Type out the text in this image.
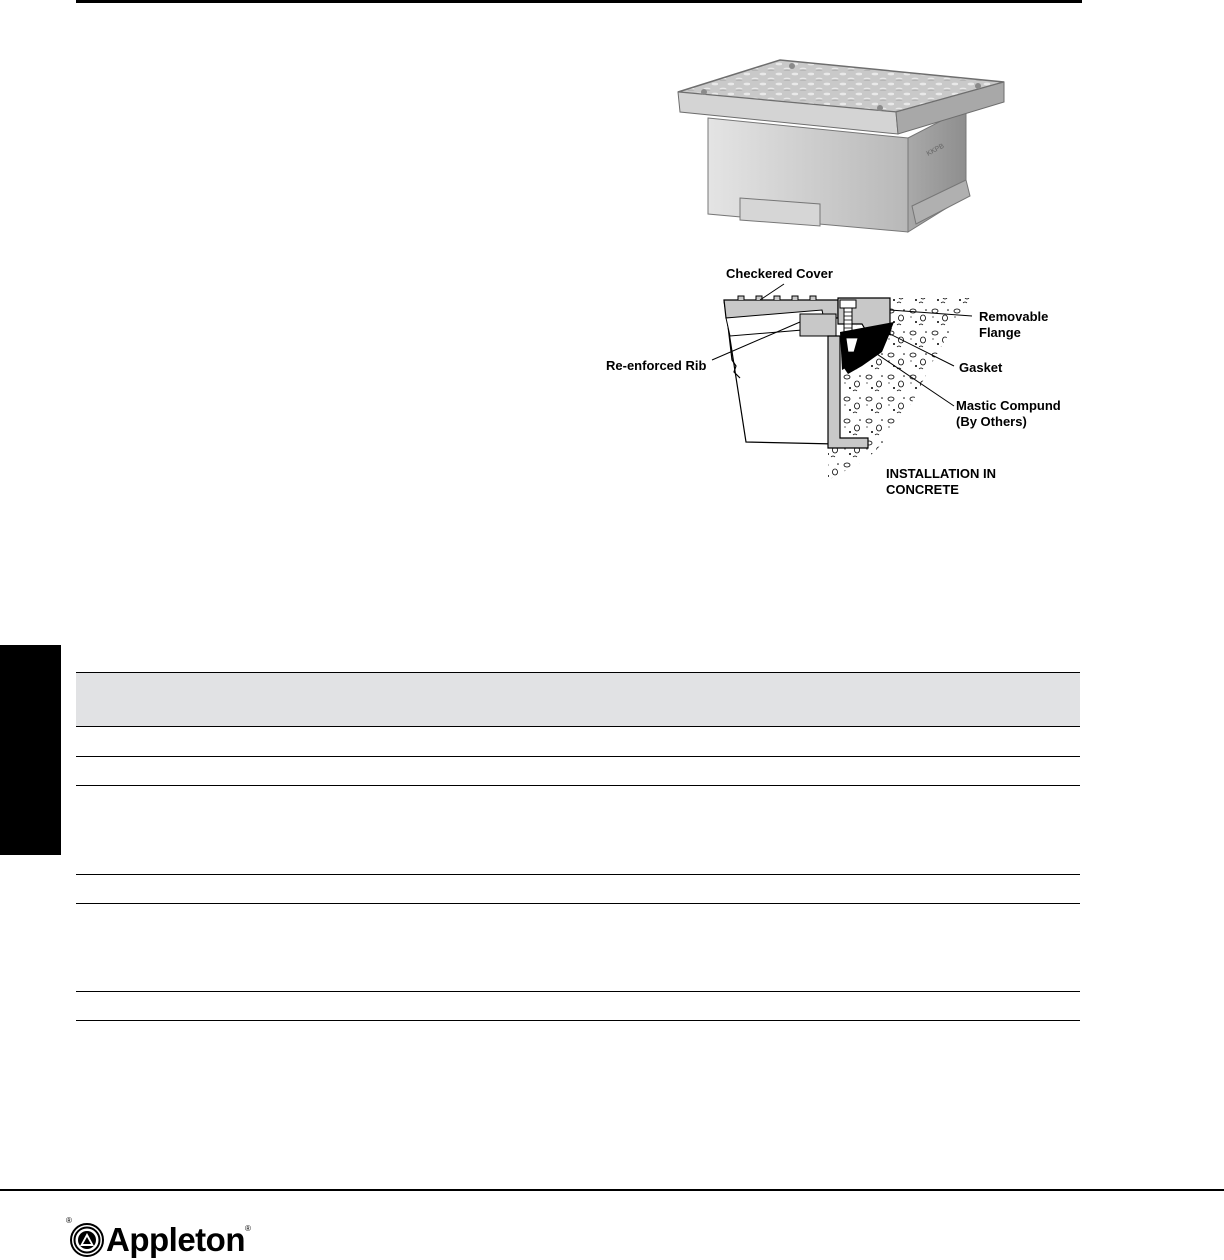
KKPB
Checkered Cover
Removable
Flange
Re-enforced Rib	Gasket
Mastic Compund
(By Others)
INSTALLATION IN
CONCRETE
®
Appleton ®
